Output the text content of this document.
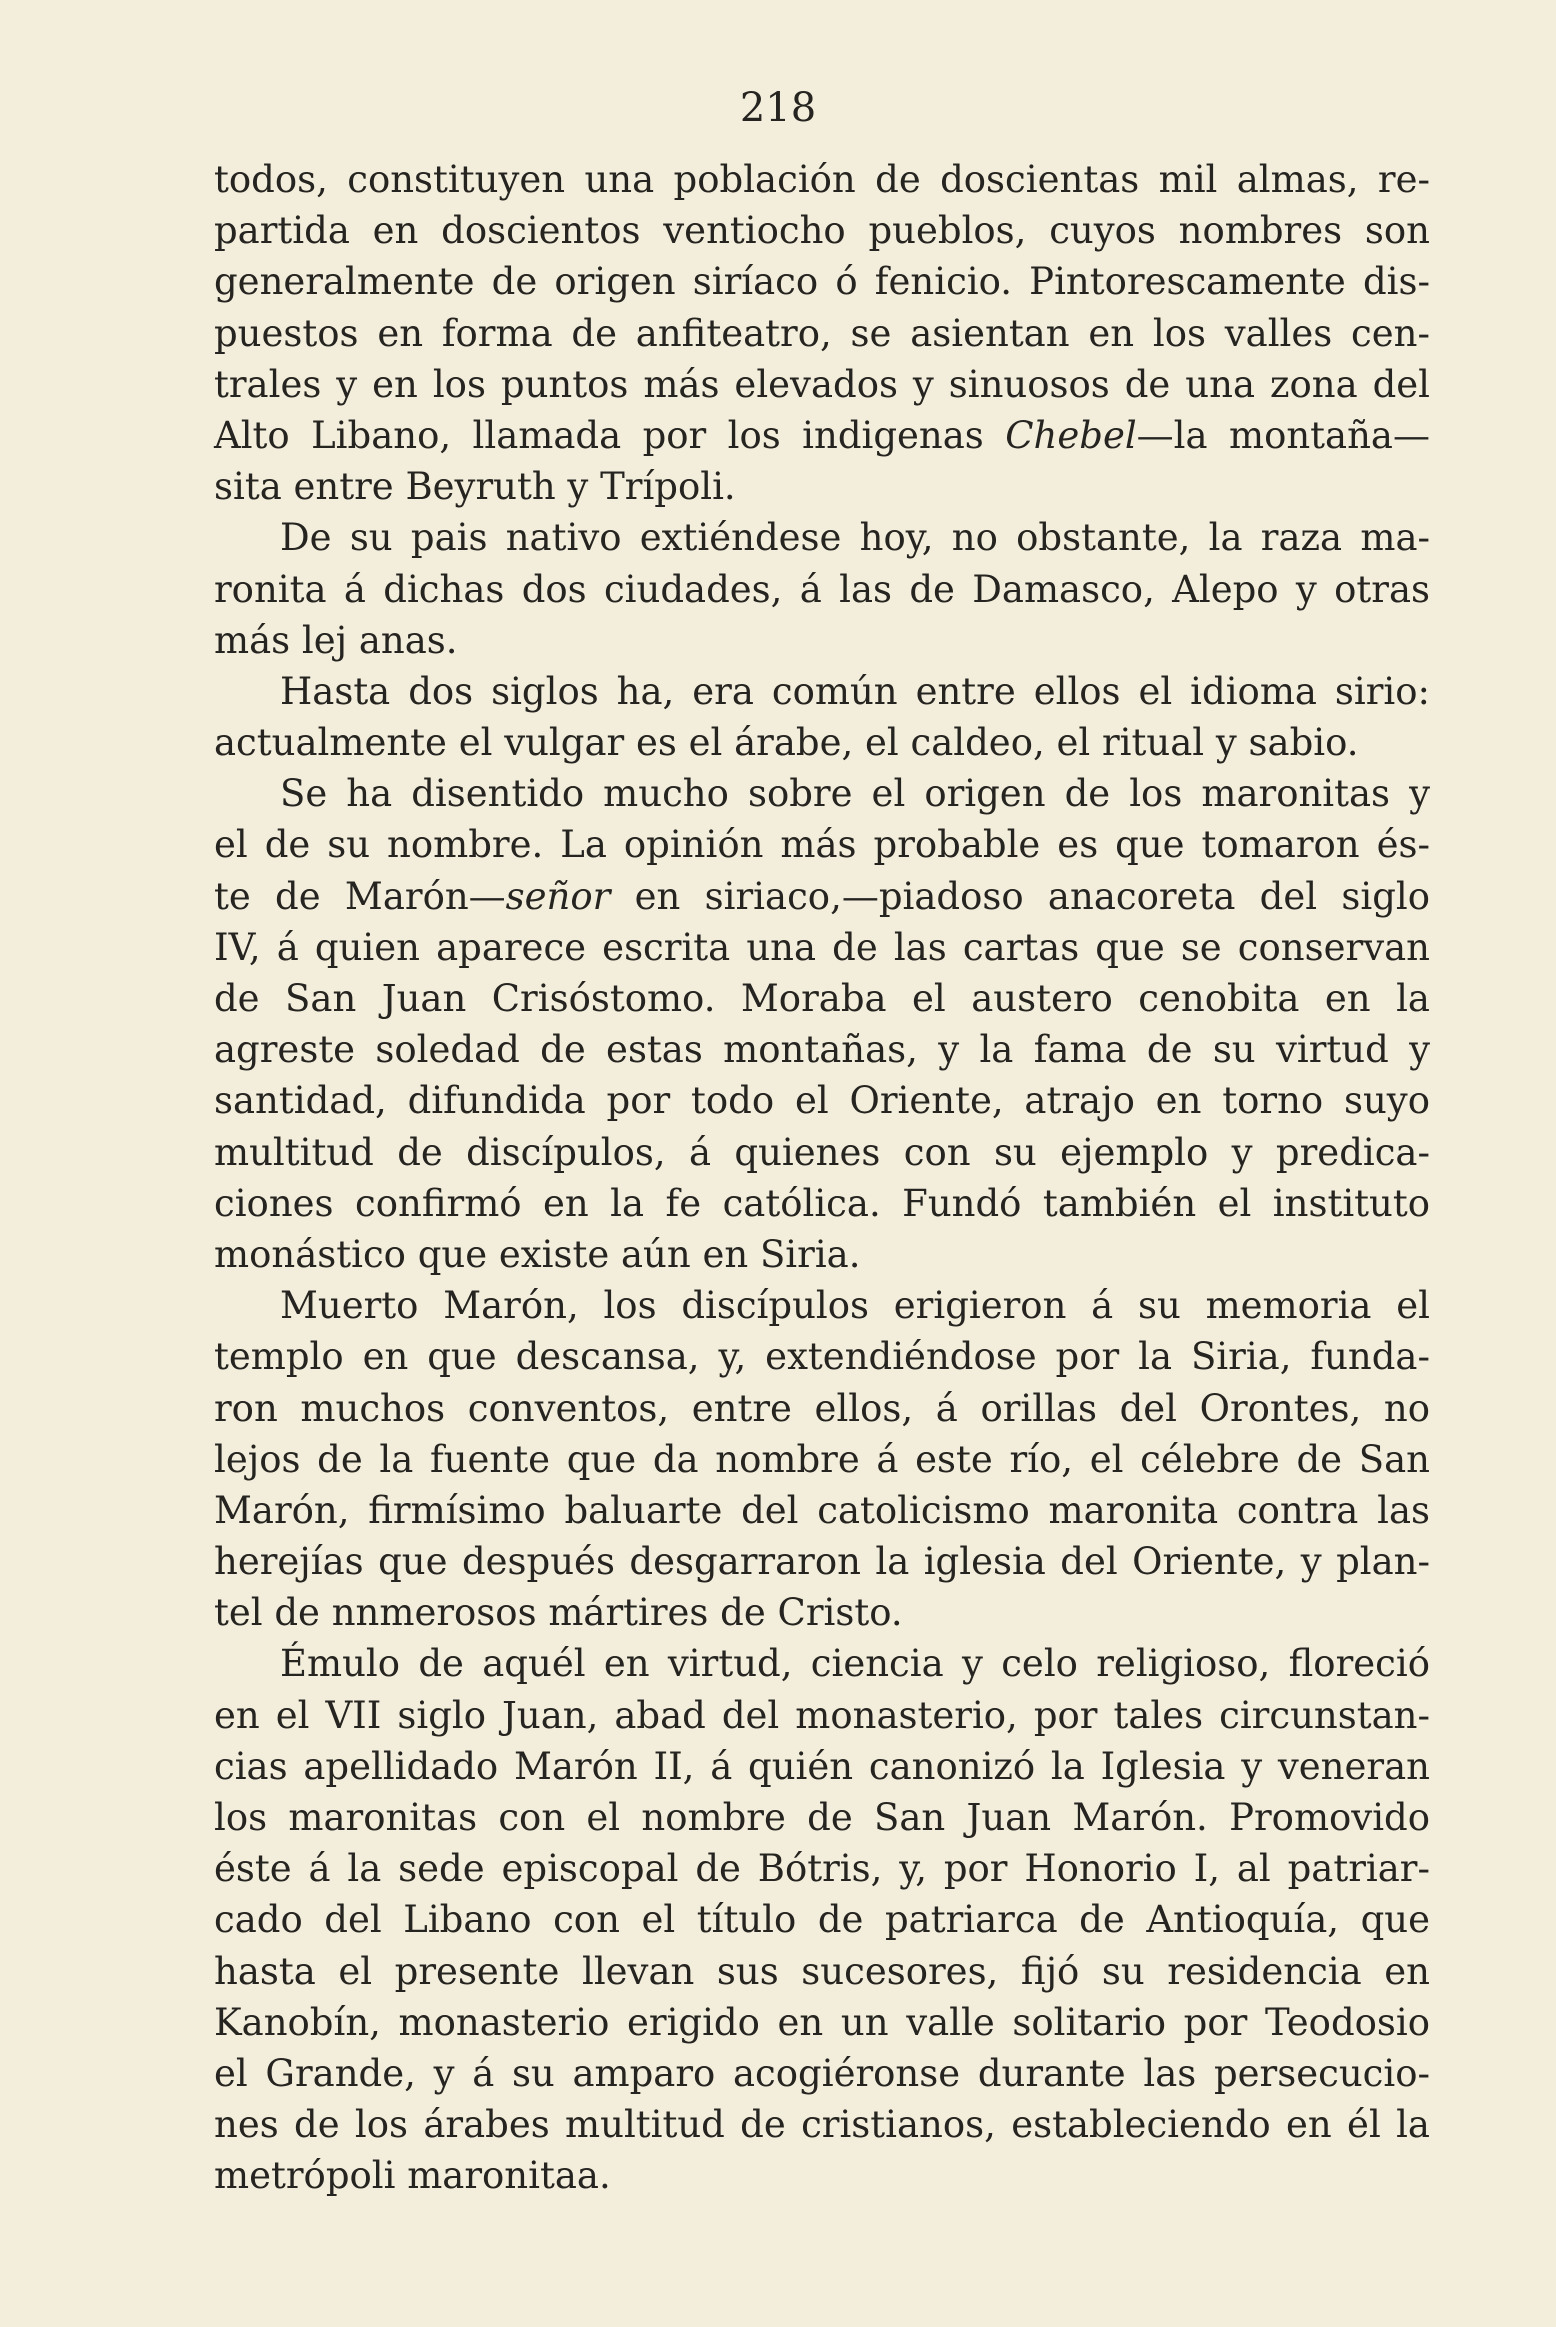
218
todos, constituyen una población de doscientas mil almas, re-
partida en doscientos ventiocho pueblos, cuyos nombres son
generalmente de origen siríaco ó fenicio. Pintorescamente dis-
puestos en forma de anfiteatro, se asientan en los valles cen-
trales y en los puntos más elevados y sinuosos de una zona del
Alto Libano, llamada por los indigenas Chebel—la montaña—
sita entre Beyruth y Trípoli.
De su pais nativo extiéndese hoy, no obstante, la raza ma-
ronita á dichas dos ciudades, á las de Damasco, Alepo y otras
más lej anas.
Hasta dos siglos ha, era común entre ellos el idioma sirio:
actualmente el vulgar es el árabe, el caldeo, el ritual y sabio.
Se ha disentido mucho sobre el origen de los maronitas y
el de su nombre. La opinión más probable es que tomaron és-
te de Marón—señor en siriaco,—piadoso anacoreta del siglo
IV, á quien aparece escrita una de las cartas que se conservan
de San Juan Crisóstomo. Moraba el austero cenobita en la
agreste soledad de estas montañas, y la fama de su virtud y
santidad, difundida por todo el Oriente, atrajo en torno suyo
multitud de discípulos, á quienes con su ejemplo y predica-
ciones confirmó en la fe católica. Fundó también el instituto
monástico que existe aún en Siria.
Muerto Marón, los discípulos erigieron á su memoria el
templo en que descansa, y, extendiéndose por la Siria, funda-
ron muchos conventos, entre ellos, á orillas del Orontes, no
lejos de la fuente que da nombre á este río, el célebre de San
Marón, firmísimo baluarte del catolicismo maronita contra las
herejías que después desgarraron la iglesia del Oriente, y plan-
tel de nnmerosos mártires de Cristo.
Émulo de aquél en virtud, ciencia y celo religioso, floreció
en el VII siglo Juan, abad del monasterio, por tales circunstan-
cias apellidado Marón II, á quién canonizó la Iglesia y veneran
los maronitas con el nombre de San Juan Marón. Promovido
éste á la sede episcopal de Bótris, y, por Honorio I, al patriar-
cado del Libano con el título de patriarca de Antioquía, que
hasta el presente llevan sus sucesores, fijó su residencia en
Kanobín, monasterio erigido en un valle solitario por Teodosio
el Grande, y á su amparo acogiéronse durante las persecucio-
nes de los árabes multitud de cristianos, estableciendo en él la
metrópoli maronitaa.
